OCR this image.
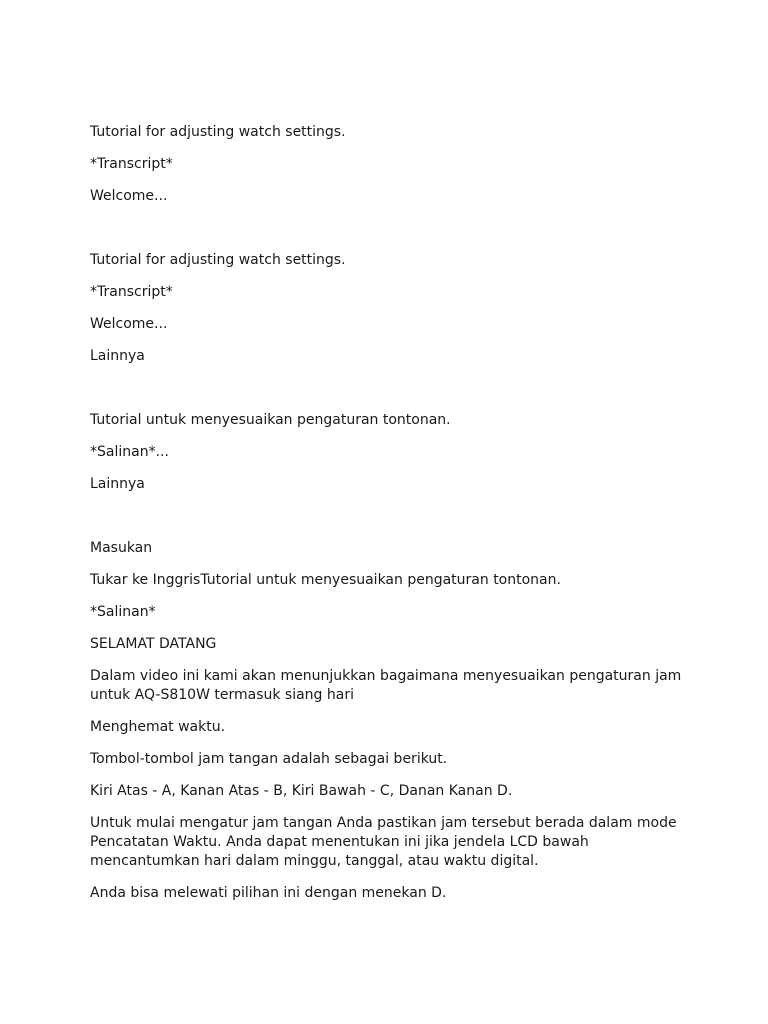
Tutorial for adjusting watch settings.

*Transcript*

Welcome...

Tutorial for adjusting watch settings.

*Transcript*

Welcome...

Lainnya

Tutorial untuk menyesuaikan pengaturan tontonan.

*Salinan*...

Lainnya

Masukan

Tukar ke InggrisTutorial untuk menyesuaikan pengaturan tontonan.

*Salinan*

SELAMAT DATANG

Dalam video ini kami akan menunjukkan bagaimana menyesuaikan pengaturan jam
untuk AQ-S810W termasuk siang hari

Menghemat waktu.

Tombol-tombol jam tangan adalah sebagai berikut.

Kiri Atas - A, Kanan Atas - B, Kiri Bawah - C, Danan Kanan D.

Untuk mulai mengatur jam tangan Anda pastikan jam tersebut berada dalam mode
Pencatatan Waktu. Anda dapat menentukan ini jika jendela LCD bawah
mencantumkan hari dalam minggu, tanggal, atau waktu digital.

Anda bisa melewati pilihan ini dengan menekan D.
